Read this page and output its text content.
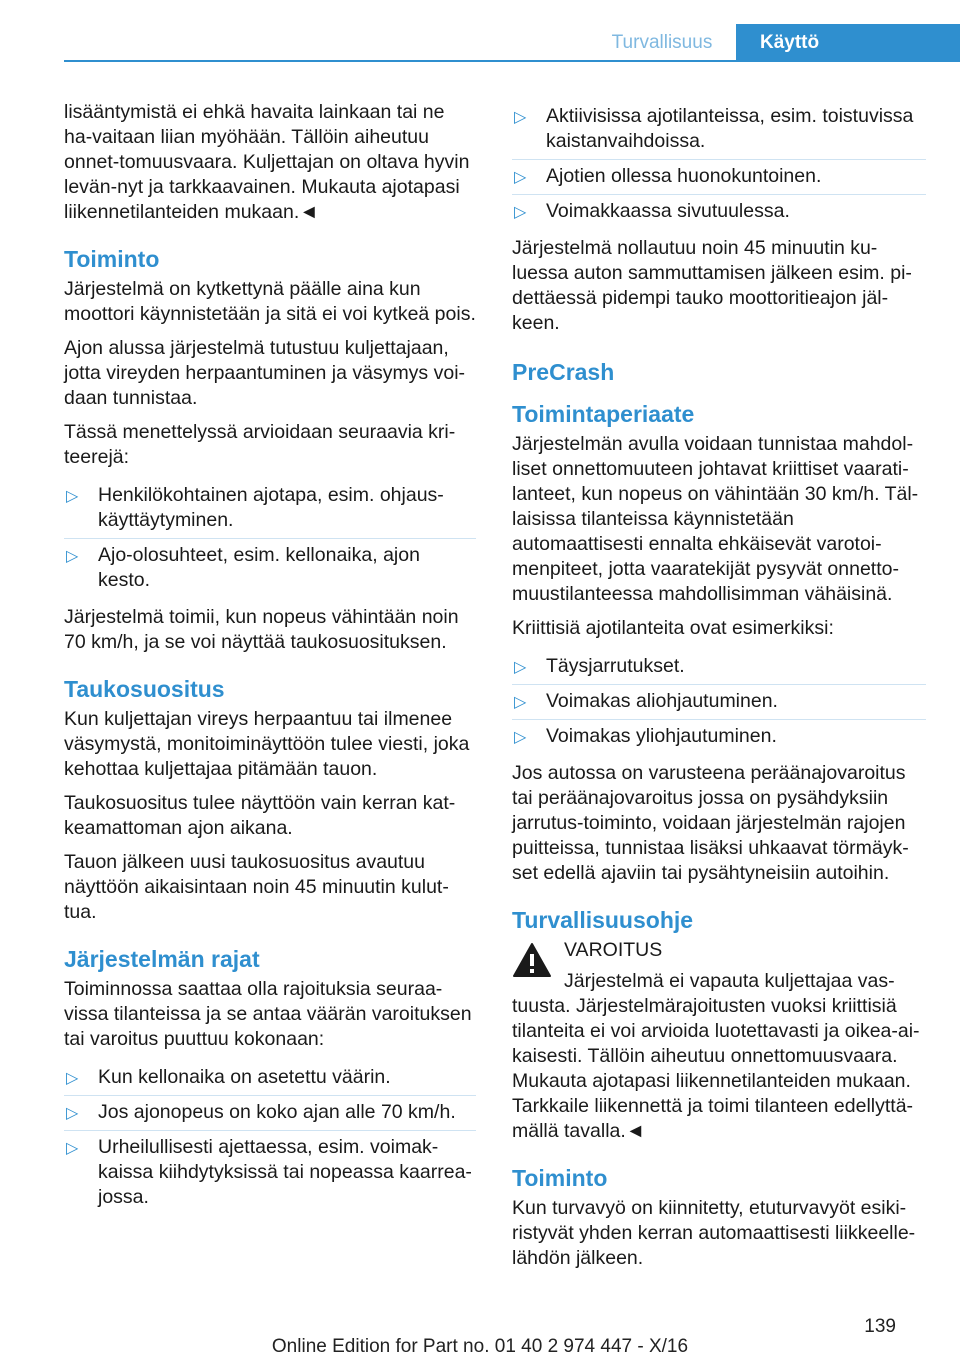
Turvallisuus	Käyttö

lisääntymistä ei ehkä havaita lainkaan tai ne ha‐vaitaan liian myöhään. Tällöin aiheutuu onnet‐tomuusvaara. Kuljettajan on oltava hyvin levän‐nyt ja tarkkaavainen. Mukauta ajotapasi liikennetilanteiden mukaan.◄

Toiminto

Järjestelmä on kytkettynä päälle aina kun moottori käynnistetään ja sitä ei voi kytkeä pois.

Ajon alussa järjestelmä tutustuu kuljettajaan, jotta vireyden herpaantuminen ja väsymys voi‐daan tunnistaa.

Tässä menettelyssä arvioidaan seuraavia kri‐teerejä:

▷ Henkilökohtainen ajotapa, esim. ohjaus‐käyttäytyminen.
▷ Ajo-olosuhteet, esim. kellonaika, ajon kesto.

Järjestelmä toimii, kun nopeus vähintään noin 70 km/h, ja se voi näyttää taukosuosituksen.

Taukosuositus

Kun kuljettajan vireys herpaantuu tai ilmenee väsymystä, monitoiminäyttöön tulee viesti, joka kehottaa kuljettajaa pitämään tauon.

Taukosuositus tulee näyttöön vain kerran kat‐keamattoman ajon aikana.

Tauon jälkeen uusi taukosuositus avautuu näyttöön aikaisintaan noin 45 minuutin kulut‐tua.

Järjestelmän rajat

Toiminnossa saattaa olla rajoituksia seuraa‐vissa tilanteissa ja se antaa väärän varoituksen tai varoitus puuttuu kokonaan:

▷ Kun kellonaika on asetettu väärin.
▷ Jos ajonopeus on koko ajan alle 70 km/h.
▷ Urheilullisesti ajettaessa, esim. voimak‐kaissa kiihdytyksissä tai nopeassa kaarrea‐jossa.
▷ Aktiivisissa ajotilanteissa, esim. toistuvissa kaistanvaihdoissa.
▷ Ajotien ollessa huonokuntoinen.
▷ Voimakkaassa sivutuulessa.

Järjestelmä nollautuu noin 45 minuutin ku‐luessa auton sammuttamisen jälkeen esim. pi‐dettäessä pidempi tauko moottoritieajon jäl‐keen.

PreCrash
Toimintaperiaate

Järjestelmän avulla voidaan tunnistaa mahdol‐liset onnettomuuteen johtavat kriittiset vaarati‐lanteet, kun nopeus on vähintään 30 km/h. Täl‐laisissa tilanteissa käynnistetään automaattisesti ennalta ehkäisevät varotoi‐menpiteet, jotta vaaratekijät pysyvät onnetto‐muustilanteessa mahdollisimman vähäisinä.

Kriittisiä ajotilanteita ovat esimerkiksi:

▷ Täysjarrutukset.
▷ Voimakas aliohjautuminen.
▷ Voimakas yliohjautuminen.

Jos autossa on varusteena peräänajovaroitus tai peräänajovaroitus jossa on pysähdyksiin jarrutus-toiminto, voidaan järjestelmän rajojen puitteissa, tunnistaa lisäksi uhkaavat törmäyk‐set edellä ajaviin tai pysähtyneisiin autoihin.

Turvallisuusohje
VAROITUS
Järjestelmä ei vapauta kuljettajaa vas‐

tuusta. Järjestelmärajoitusten vuoksi kriittisiä tilanteita ei voi arvioida luotettavasti ja oikea-ai‐kaisesti. Tällöin aiheutuu onnettomuusvaara. Mukauta ajotapasi liikennetilanteiden mukaan. Tarkkaile liikennettä ja toimi tilanteen edellyttä‐mällä tavalla.◄

Toiminto

Kun turvavyö on kiinnitetty, etuturvavyöt esiki‐ristyvät yhden kerran automaattisesti liikkeelle‐lähdön jälkeen.

139
Online Edition for Part no. 01 40 2 974 447 - X/16
